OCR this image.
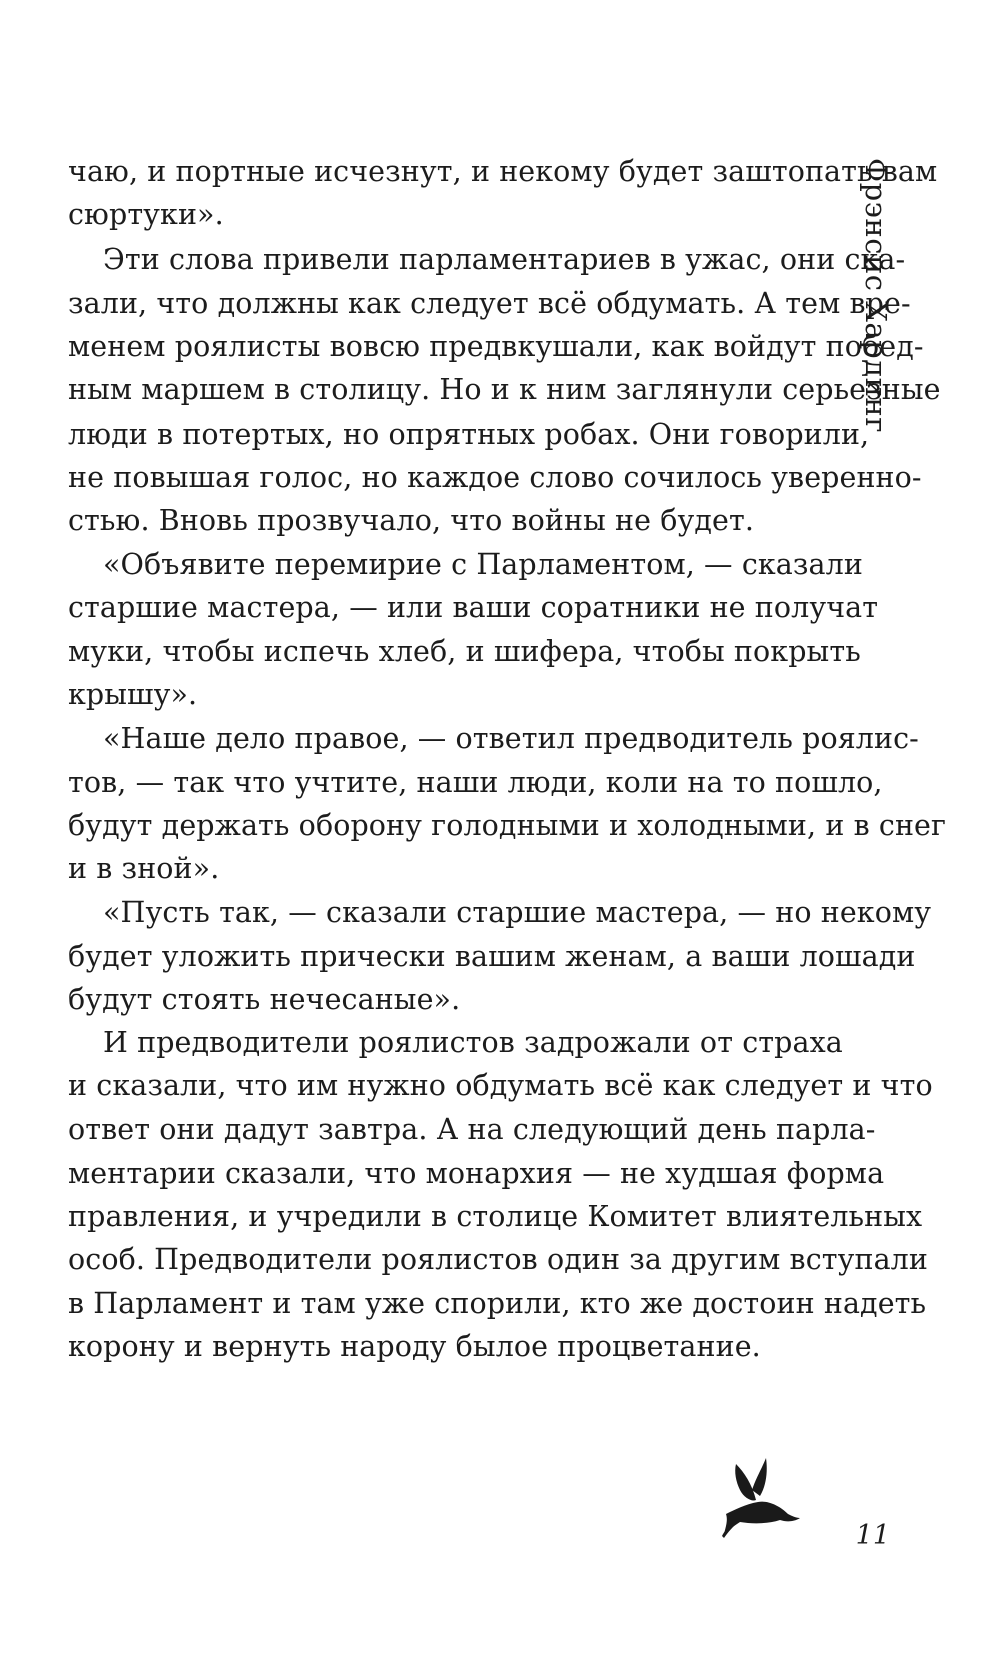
Фрэнсис Хардинг
чаю, и портные исчезнут, и некому будет заштопать вам
сюртуки».
Эти слова привели парламентариев в ужас, они ска-
зали, что должны как следует всё обдумать. А тем вре-
менем роялисты вовсю предвкушали, как войдут побед-
ным маршем в столицу. Но и к ним заглянули серьезные
люди в потертых, но опрятных робах. Они говорили,
не повышая голос, но каждое слово сочилось уверенно-
стью. Вновь прозвучало, что войны не будет.
«Объявите перемирие с Парламентом, — сказали
старшие мастера, — или ваши соратники не получат
муки, чтобы испечь хлеб, и шифера, чтобы покрыть
крышу».
«Наше дело правое, — ответил предводитель роялис-
тов, — так что учтите, наши люди, коли на то пошло,
будут держать оборону голодными и холодными, и в снег
и в зной».
«Пусть так, — сказали старшие мастера, — но некому
будет уложить прически вашим женам, а ваши лошади
будут стоять нечесаные».
И предводители роялистов задрожали от страха
и сказали, что им нужно обдумать всё как следует и что
ответ они дадут завтра. А на следующий день парла-
ментарии сказали, что монархия — не худшая форма
правления, и учредили в столице Комитет влиятельных
особ. Предводители роялистов один за другим вступали
в Парламент и там уже спорили, кто же достоин надеть
корону и вернуть народу былое процветание.
11
